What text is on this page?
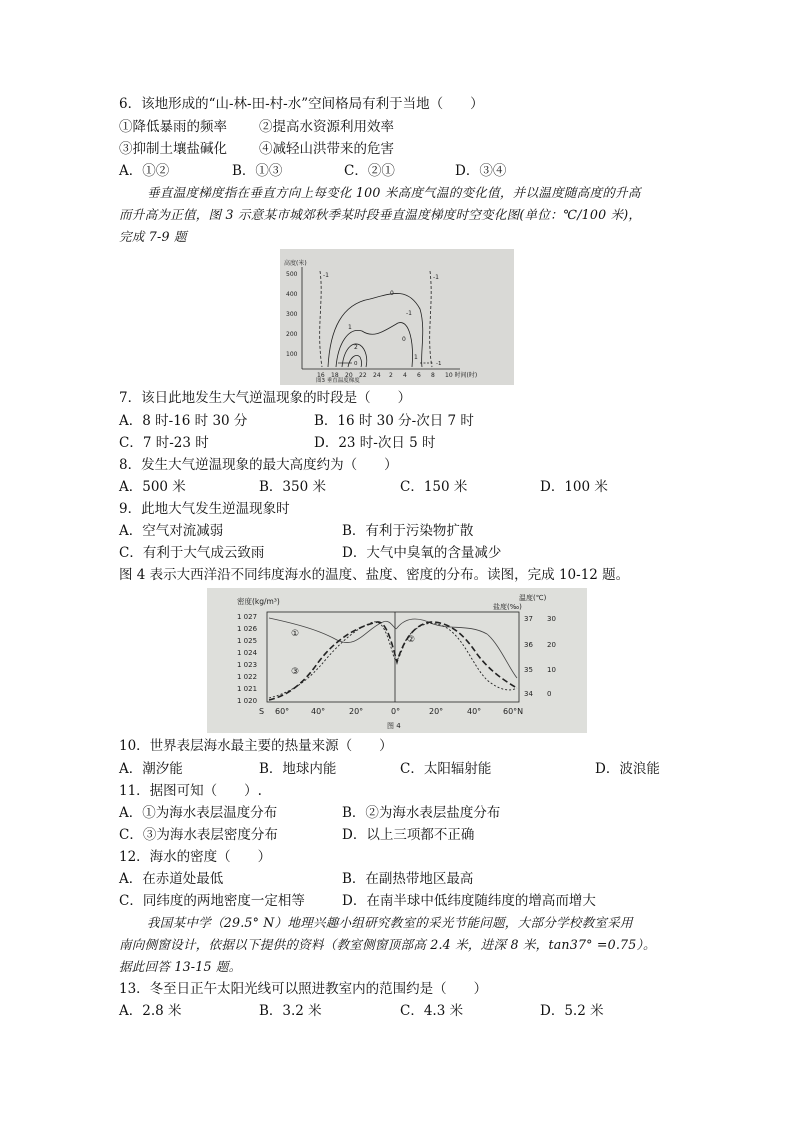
6．该地形成的“山-林-田-村-水”空间格局有利于当地（　　）
①降低暴雨的频率 ②提高水资源利用效率
③抑制土壤盐碱化 ④减轻山洪带来的危害
A．①②	B．①③	C．②①	D．③④
垂直温度梯度指在垂直方向上每变化 100 米高度气温的变化值，并以温度随高度的升高
而升高为正值，图 3 示意某市城郊秋季某时段垂直温度梯度时空变化图(单位：℃/100 米)，
完成 7-9 题
高度(米)
500
400
300
200
100
16 18 20 22 24 2 4 6 8 10 时间(时)
-1	-1
0
-1
1
2
0
1
0	-1
图3 垂直温度梯度
7．该日此地发生大气逆温现象的时段是（　　）
A．8 时-16 时 30 分	B．16 时 30 分-次日 7 时
C．7 时-23 时	D．23 时-次日 5 时
8．发生大气逆温现象的最大高度约为（　　）
A．500 米	B．350 米	C．150 米	D．100 米
9．此地大气发生逆温现象时
A．空气对流减弱	B．有利于污染物扩散
C．有利于大气成云致雨	D．大气中臭氧的含量减少
图 4 表示大西洋沿不同纬度海水的温度、盐度、密度的分布。读图，完成 10-12 题。
密度(kg/m³)	温度(℃)
盐度(‰)
1 027
1 026
1 025
1 024
1 023
1 022
1 021
1 020
37
36
35
34
30
20
10
0
①
②
③
S 60°	40°	20°	0°	20°	40°	60°N
图 4
10．世界表层海水最主要的热量来源（　　）
A．潮汐能	B．地球内能	C．太阳辐射能	D．波浪能
11．据图可知（　　）.
A．①为海水表层温度分布	B．②为海水表层盐度分布
C．③为海水表层密度分布	D．以上三项都不正确
12．海水的密度（　　）
A．在赤道处最低	B．在副热带地区最高
C．同纬度的两地密度一定相等	D．在南半球中低纬度随纬度的增高而增大
我国某中学（29.5° N）地理兴趣小组研究教室的采光节能问题，大部分学校教室采用
南向侧窗设计，依据以下提供的资料（教室侧窗顶部高 2.4 米，进深 8 米，tan37° =0.75）。
据此回答 13-15 题。
13．冬至日正午太阳光线可以照进教室内的范围约是（　　）
A．2.8 米	B．3.2 米	C．4.3 米	D．5.2 米
